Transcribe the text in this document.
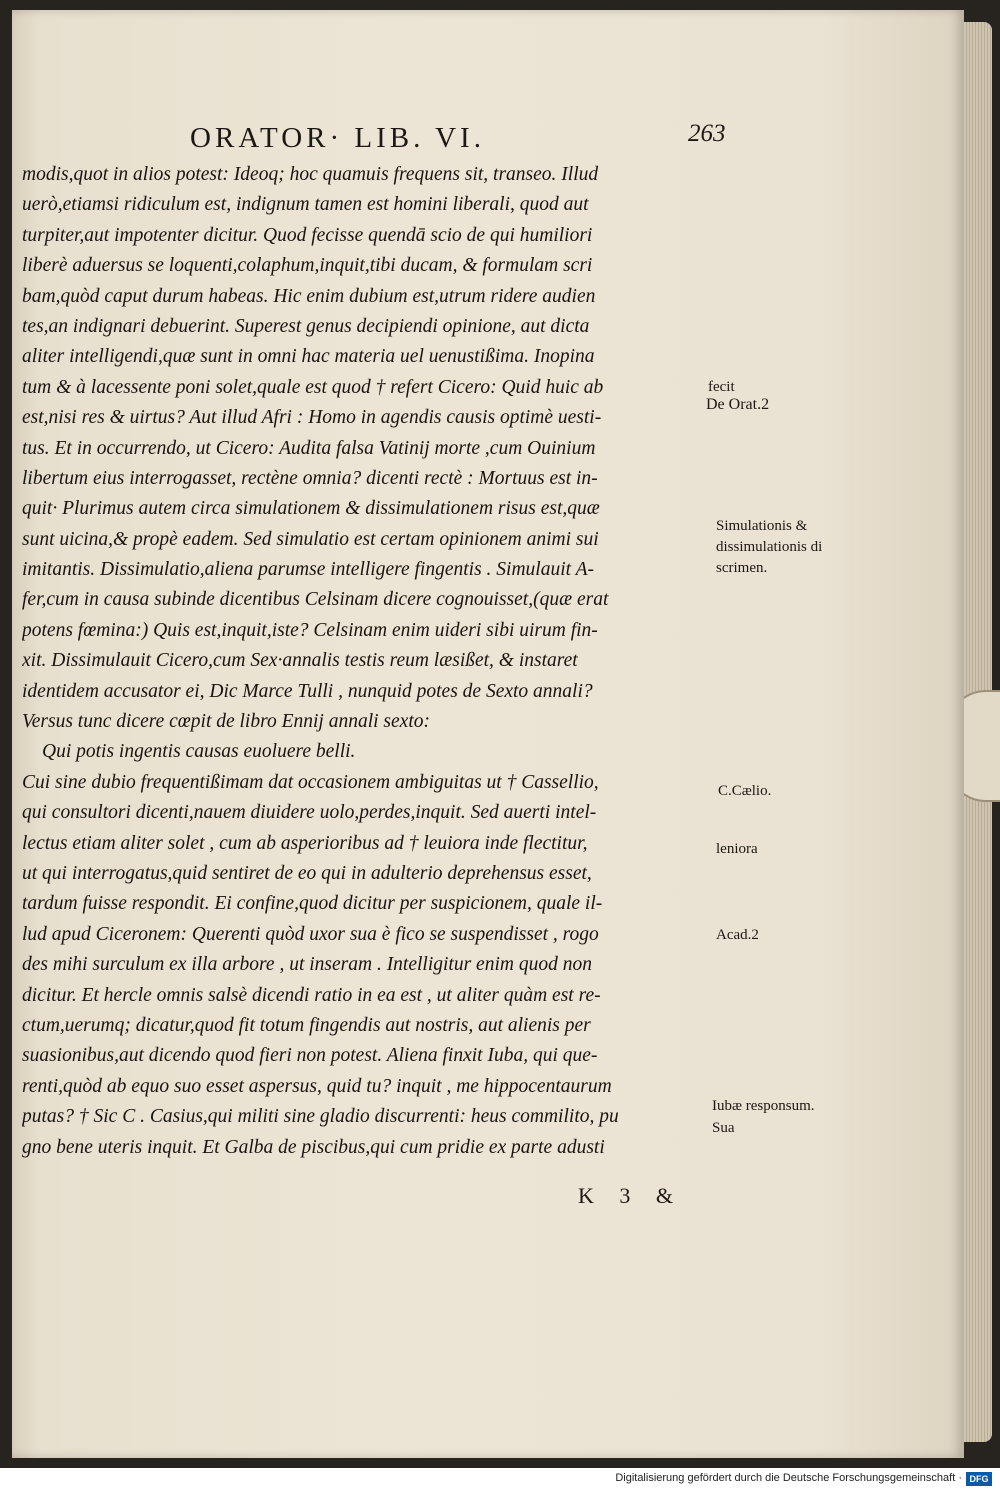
ORATOR· LIB. VI.	263

modis,quot in alios potest: Ideoq; hoc quamuis frequens sit, transeo. Illud

uerò,etiamsi ridiculum est, indignum tamen est homini liberali, quod aut

turpiter,aut impotenter dicitur. Quod fecisse quendā scio de qui humiliori

liberè aduersus se loquenti,colaphum,inquit,tibi ducam, & formulam scri

bam,quòd caput durum habeas. Hic enim dubium est,utrum ridere audien

tes,an indignari debuerint. Superest genus decipiendi opinione, aut dicta

aliter intelligendi,quæ sunt in omni hac materia uel uenustißima. Inopina

tum & à lacessente poni solet,quale est quod † refert Cicero: Quid huic ab

est,nisi res & uirtus? Aut illud Afri : Homo in agendis causis optimè uesti-

tus. Et in occurrendo, ut Cicero: Audita falsa Vatinij morte ,cum Ouinium

libertum eius interrogasset, rectène omnia? dicenti rectè : Mortuus est in-

quit· Plurimus autem circa simulationem & dissimulationem risus est,quæ

sunt uicina,& propè eadem. Sed simulatio est certam opinionem animi sui

imitantis. Dissimulatio,aliena parumse intelligere fingentis . Simulauit A-

fer,cum in causa subinde dicentibus Celsinam dicere cognouisset,(quæ erat

potens fœmina:) Quis est,inquit,iste? Celsinam enim uideri sibi uirum fin-

xit. Dissimulauit Cicero,cum Sex·annalis testis reum læsißet, & instaret

identidem accusator ei, Dic Marce Tulli , nunquid potes de Sexto annali?

Versus tunc dicere cœpit de libro Ennij annali sexto:

Qui potis ingentis causas euoluere belli.

Cui sine dubio frequentißimam dat occasionem ambiguitas ut † Cassellio,

qui consultori dicenti,nauem diuidere uolo,perdes,inquit. Sed auerti intel-

lectus etiam aliter solet , cum ab asperioribus ad † leuiora inde flectitur,

ut qui interrogatus,quid sentiret de eo qui in adulterio deprehensus esset,

tardum fuisse respondit. Ei confine,quod dicitur per suspicionem, quale il-

lud apud Ciceronem: Querenti quòd uxor sua è fico se suspendisset , rogo

des mihi surculum ex illa arbore , ut inseram . Intelligitur enim quod non

dicitur. Et hercle omnis salsè dicendi ratio in ea est , ut aliter quàm est re-

ctum,uerumq; dicatur,quod fit totum fingendis aut nostris, aut alienis per

suasionibus,aut dicendo quod fieri non potest. Aliena finxit Iuba, qui que-

renti,quòd ab equo suo esset aspersus, quid tu? inquit , me hippocentaurum

putas? † Sic C . Casius,qui militi sine gladio discurrenti: heus commilito, pu

gno bene uteris inquit. Et Galba de piscibus,qui cum pridie ex parte adusti

K 3 &

fecit

De Orat.2

Simulationis &

dissimulationis di

scrimen.

C.Cælio.

leniora

Acad.2

Iubæ responsum.

Sua

Digitalisierung gefördert durch die Deutsche Forschungsgemeinschaft · DFG
